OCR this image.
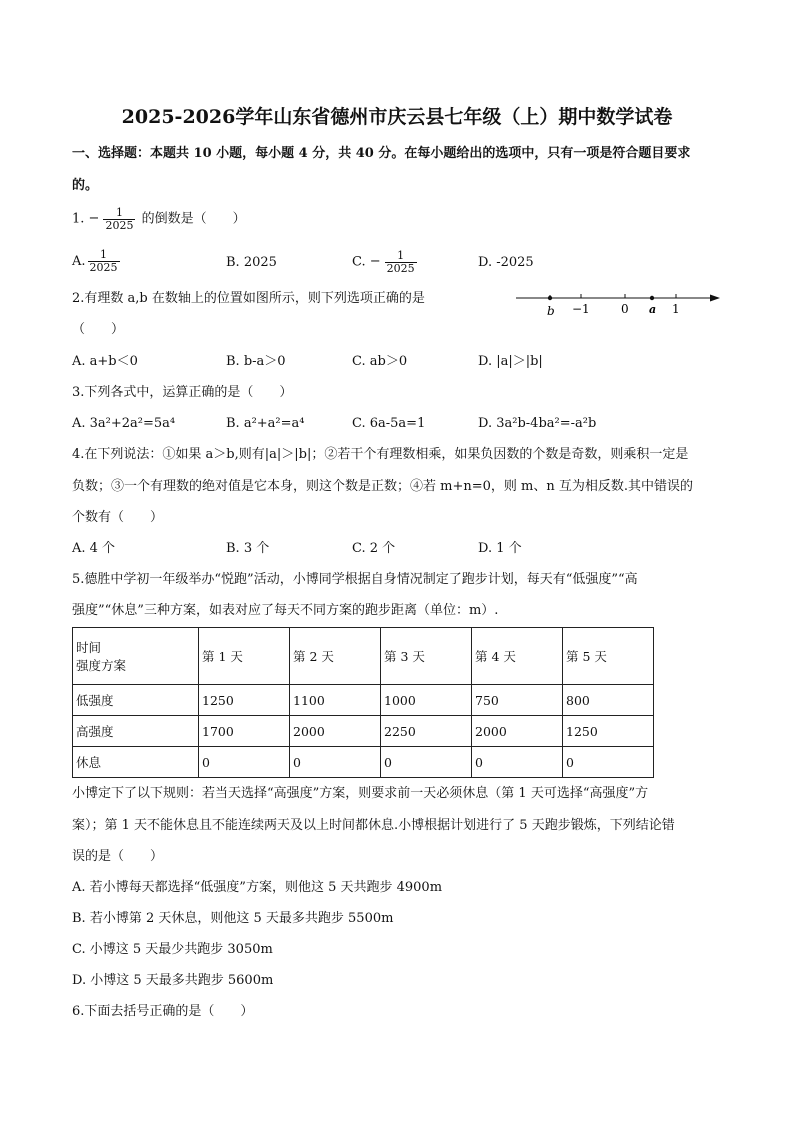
2025-2026学年山东省德州市庆云县七年级（上）期中数学试卷
一、选择题：本题共 10 小题，每小题 4 分，共 40 分。在每小题给出的选项中，只有一项是符合题目要求
的。
1. − $\frac{1}{2025}$ 的倒数是（　　）
A. $\frac{1}{2025}$	B. 2025	C. − $\frac{1}{2025}$	D. -2025
2.有理数 a,b 在数轴上的位置如图所示，则下列选项正确的是
（　　）
b −1	0 a 1
A. a+b＜0	B. b-a＞0	C. ab＞0	D. |a|＞|b|
3.下列各式中，运算正确的是（　　）
A. 3a²+2a²=5a⁴	B. a²+a²=a⁴	C. 6a-5a=1	D. 3a²b-4ba²=-a²b
4.在下列说法：①如果 a＞b,则有|a|＞|b|；②若干个有理数相乘，如果负因数的个数是奇数，则乘积一定是
负数；③一个有理数的绝对值是它本身，则这个数是正数；④若 m+n=0，则 m、n 互为相反数.其中错误的
个数有（　　）
A. 4 个	B. 3 个	C. 2 个	D. 1 个
5.德胜中学初一年级举办“悦跑”活动，小博同学根据自身情况制定了跑步计划，每天有“低强度”“高
强度”“休息”三种方案，如表对应了每天不同方案的跑步距离（单位：m）.
时间
强度方案	第 1 天	第 2 天	第 3 天	第 4 天	第 5 天
低强度	1250	1100	1000	750	800
高强度	1700	2000	2250	2000	1250
休息	0	0	0	0	0
小博定下了以下规则：若当天选择“高强度”方案，则要求前一天必须休息（第 1 天可选择“高强度”方
案）；第 1 天不能休息且不能连续两天及以上时间都休息.小博根据计划进行了 5 天跑步锻炼，下列结论错
误的是（　　）
A. 若小博每天都选择“低强度”方案，则他这 5 天共跑步 4900m
B. 若小博第 2 天休息，则他这 5 天最多共跑步 5500m
C. 小博这 5 天最少共跑步 3050m
D. 小博这 5 天最多共跑步 5600m
6.下面去括号正确的是（　　）
